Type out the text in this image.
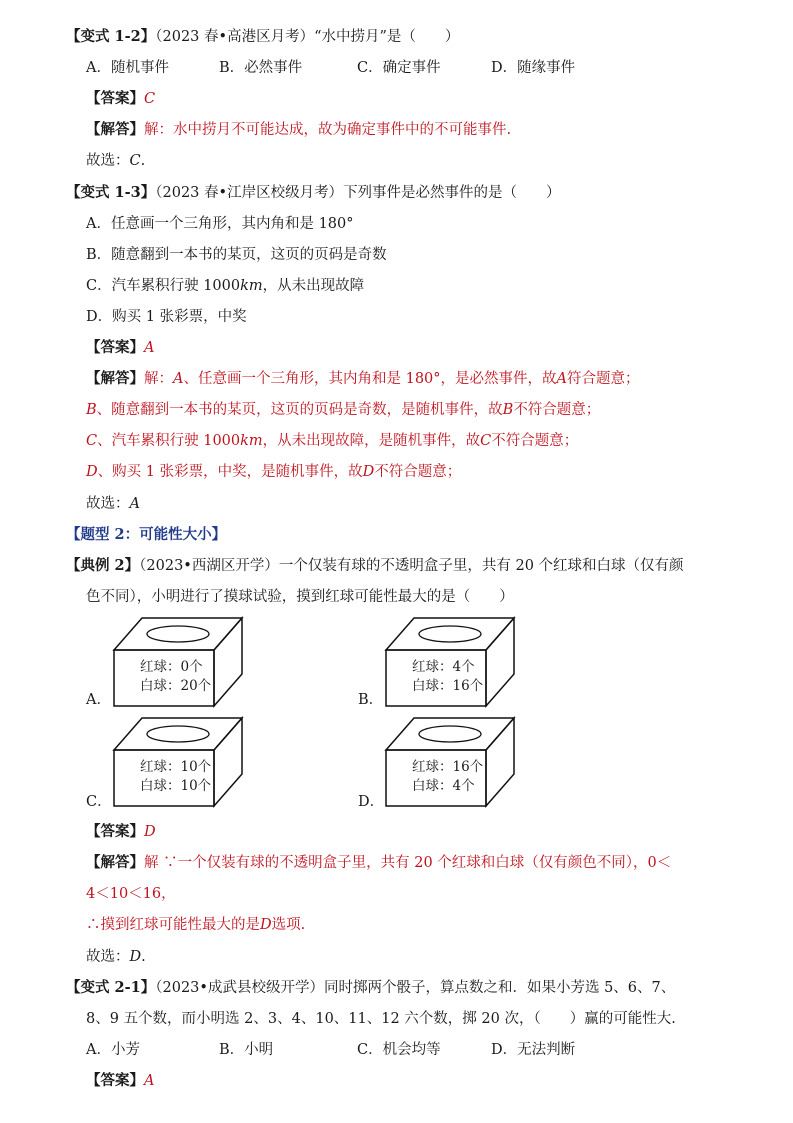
【变式 1-2】（2023 春•高港区月考）“水中捞月”是（　　）
A．随机事件	B．必然事件	C．确定事件	D．随缘事件
【答案】C
【解答】解：水中捞月不可能达成，故为确定事件中的不可能事件.
故选：C.
【变式 1-3】（2023 春•江岸区校级月考）下列事件是必然事件的是（　　）
A．任意画一个三角形，其内角和是 180°
B．随意翻到一本书的某页，这页的页码是奇数
C．汽车累积行驶 1000km，从未出现故障
D．购买 1 张彩票，中奖
【答案】A
【解答】解：A、任意画一个三角形，其内角和是 180°，是必然事件，故A符合题意；
B、随意翻到一本书的某页，这页的页码是奇数，是随机事件，故B不符合题意；
C、汽车累积行驶 1000km，从未出现故障，是随机事件，故C不符合题意；
D、购买 1 张彩票，中奖，是随机事件，故D不符合题意；
故选：A
【题型 2：可能性大小】
【典例 2】（2023•西湖区开学）一个仅装有球的不透明盒子里，共有 20 个红球和白球（仅有颜
色不同），小明进行了摸球试验，摸到红球可能性最大的是（　　）
A．
红球：0个
白球：20个
B．
红球：4个
白球：16个
C．
红球：10个
白球：10个
D．
红球：16个
白球：4个
【答案】D
【解答】解 ∵一个仅装有球的不透明盒子里，共有 20 个红球和白球（仅有颜色不同），0＜
4＜10＜16，
∴摸到红球可能性最大的是D选项.
故选：D.
【变式 2-1】（2023•成武县校级开学）同时掷两个骰子，算点数之和．如果小芳选 5、6、7、
8、9 五个数，而小明选 2、3、4、10、11、12 六个数，掷 20 次，（　　）赢的可能性大.
A．小芳	B．小明	C．机会均等	D．无法判断
【答案】A
